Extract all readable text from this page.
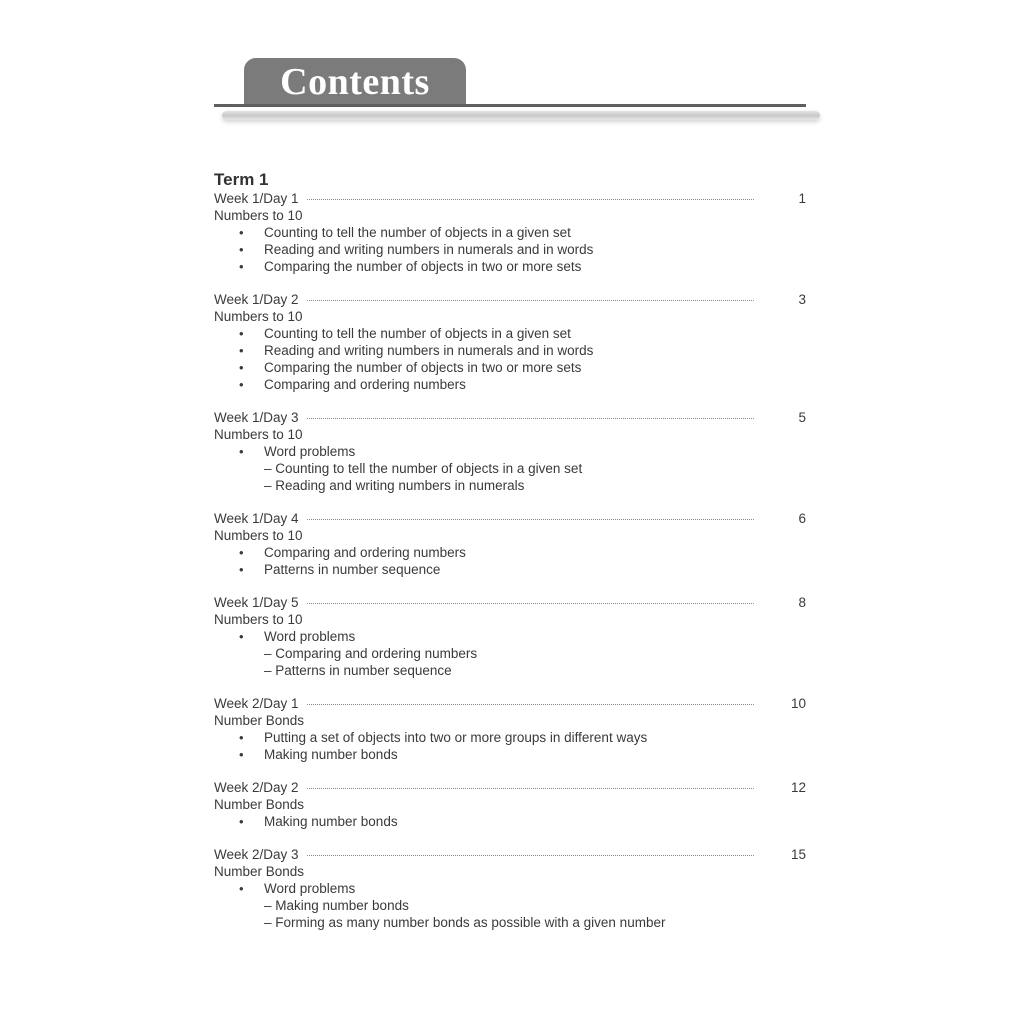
Contents
Term 1
Week 1/Day 1	1
Numbers to 10
• Counting to tell the number of objects in a given set
• Reading and writing numbers in numerals and in words
• Comparing the number of objects in two or more sets
Week 1/Day 2	3
Numbers to 10
• Counting to tell the number of objects in a given set
• Reading and writing numbers in numerals and in words
• Comparing the number of objects in two or more sets
• Comparing and ordering numbers
Week 1/Day 3	5
Numbers to 10
• Word problems
– Counting to tell the number of objects in a given set
– Reading and writing numbers in numerals
Week 1/Day 4	6
Numbers to 10
• Comparing and ordering numbers
• Patterns in number sequence
Week 1/Day 5	8
Numbers to 10
• Word problems
– Comparing and ordering numbers
– Patterns in number sequence
Week 2/Day 1	10
Number Bonds
• Putting a set of objects into two or more groups in different ways
• Making number bonds
Week 2/Day 2	12
Number Bonds
• Making number bonds
Week 2/Day 3	15
Number Bonds
• Word problems
– Making number bonds
– Forming as many number bonds as possible with a given number
